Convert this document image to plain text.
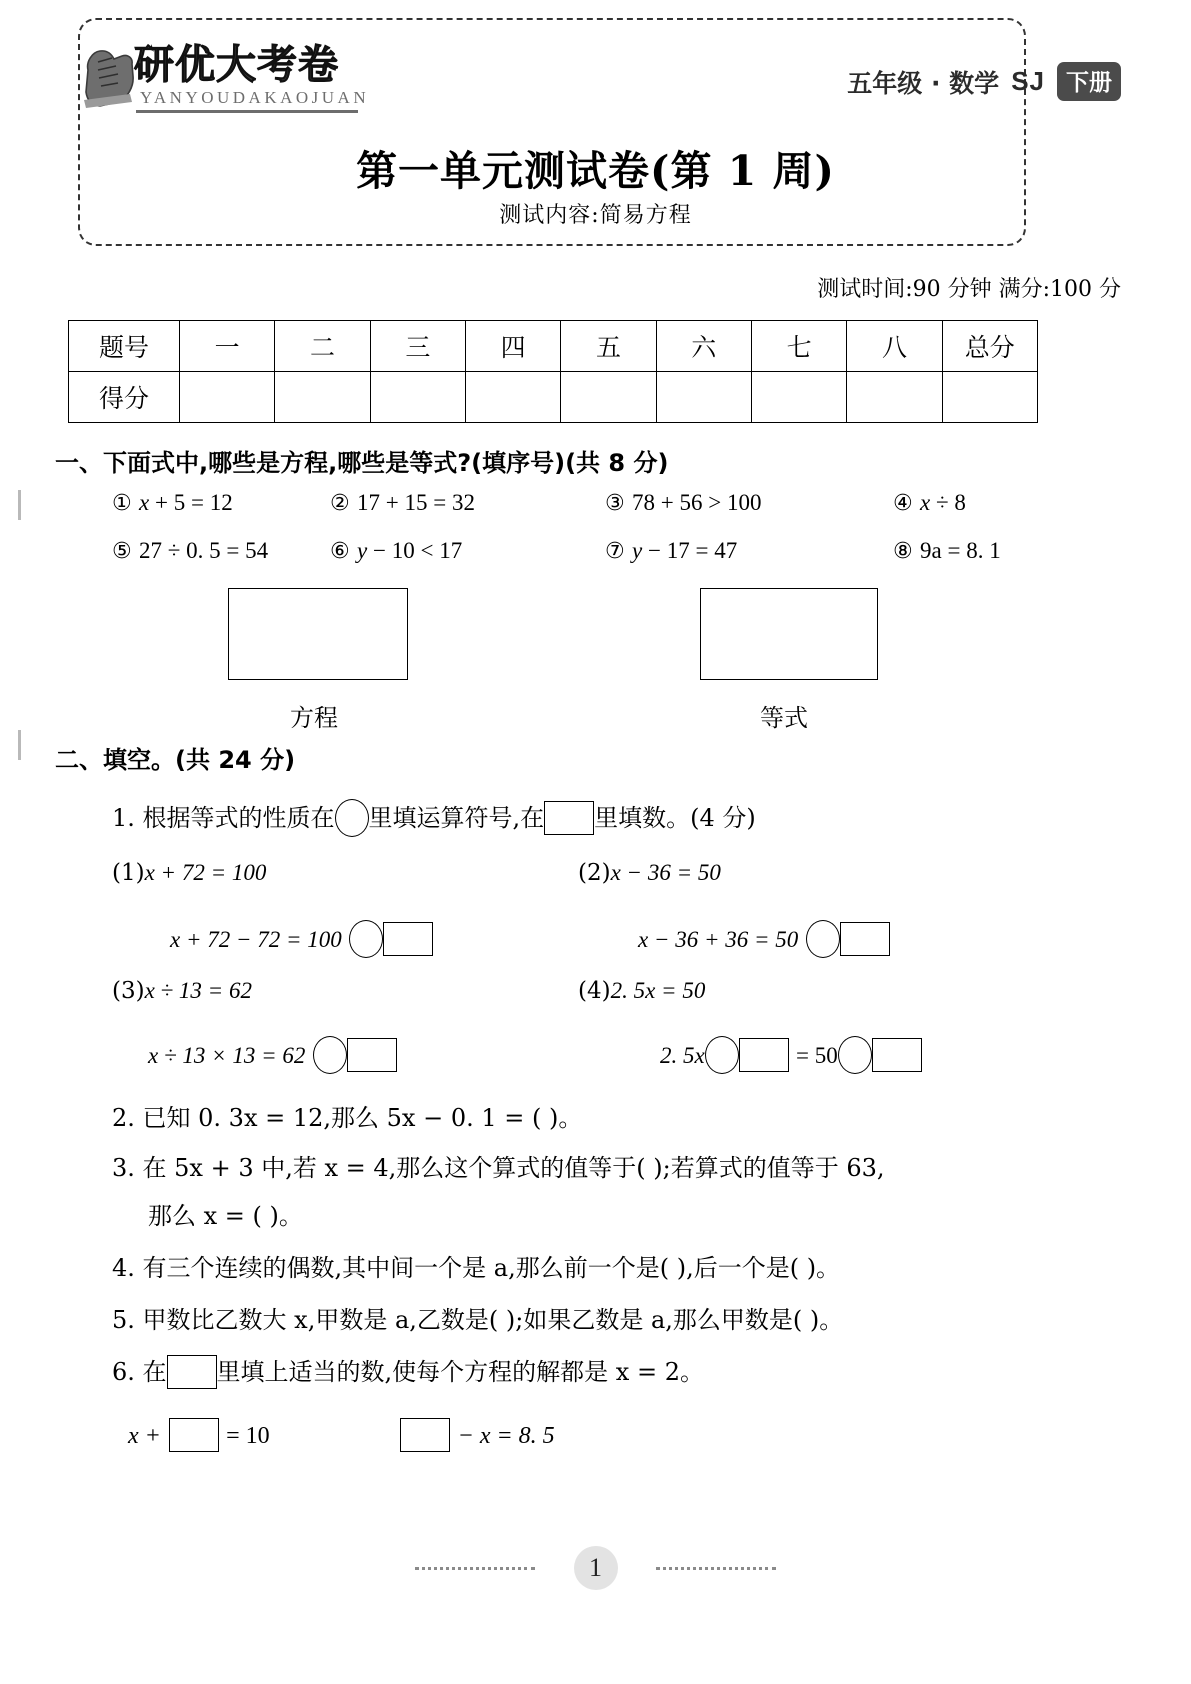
研优大考卷
YANYOUDAKAOJUAN	五年级 · 数学 SJ 下册
第一单元测试卷(第 1 周)
测试内容:简易方程
测试时间:90 分钟 满分:100 分
题号	一	二	三	四	五	六	七	八	总分
得分									
一、下面式中,哪些是方程,哪些是等式?(填序号)(共 8 分)
① x + 5 = 12	② 17 + 15 = 32	③ 78 + 56 > 100	④ x ÷ 8
⑤ 27 ÷ 0. 5 = 54	⑥ y − 10 < 17	⑦ y − 17 = 47	⑧ 9a = 8. 1
方程	等式
二、填空。(共 24 分)
1. 根据等式的性质在 里填运算符号,在 里填数。(4 分)
(1)x + 72 = 100	(2)x − 36 = 50
x + 72 − 72 = 100	x − 36 + 36 = 50
(3)x ÷ 13 = 62	(4)2. 5x = 50
x ÷ 13 × 13 = 62	2. 5x	= 50
2. 已知 0. 3x = 12,那么 5x − 0. 1 = ( )。
3. 在 5x + 3 中,若 x = 4,那么这个算式的值等于( );若算式的值等于 63,
那么 x = ( )。
4. 有三个连续的偶数,其中间一个是 a,那么前一个是( ),后一个是( )。
5. 甲数比乙数大 x,甲数是 a,乙数是( );如果乙数是 a,那么甲数是( )。
6. 在 里填上适当的数,使每个方程的解都是 x = 2。
x +	= 10	− x = 8. 5
1
